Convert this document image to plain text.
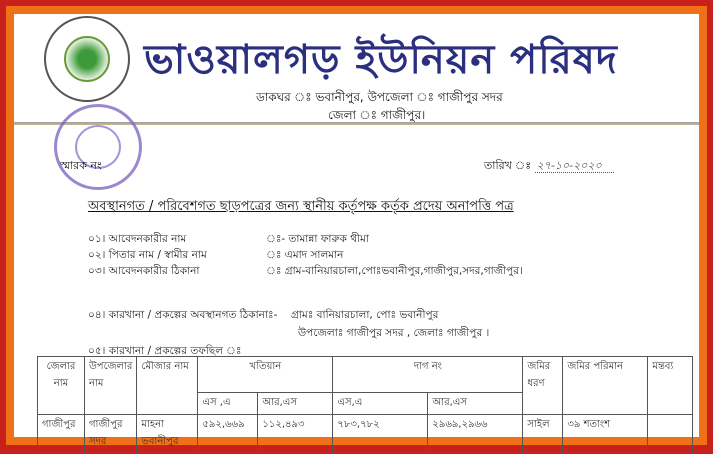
ভাওয়ালগড় ইউনিয়ন পরিষদ
ডাকঘর ঃ ভবানীপুর, উপজেলা ঃ গাজীপুর সদর
জেলা ঃ গাজীপুর।
স্মারক নং	তারিখ ঃ ২৭-১০-২০২০
অবস্থানগত / পরিবেশগত ছাড়পত্রের জন্য স্থানীয় কর্তৃপক্ষ কর্তৃক প্রদেয় অনাপত্তি পত্র
০১। আবেদনকারীর নাম	ঃ- তামান্না ফারুক থীমা
০২। পিতার নাম / স্বামীর নাম	ঃ এমাদ সালমান
০৩। আবেদনকারীর ঠিকানা	ঃ গ্রাম-বানিয়ারচালা,পোঃভবানীপুর,গাজীপুর,সদর,গাজীপুর।
০৪। কারখানা / প্রকল্পের অবস্থানগত ঠিকানাঃ- গ্রামঃ বানিয়ারচালা, পোঃ ভবানীপুর
উপজেলাঃ গাজীপুর সদর , জেলাঃ গাজীপুর ।
০৫। কারখানা / প্রকল্পের তফছিল ঃ
জেলার নাম	উপজেলার নাম	মৌজার নাম	খতিয়ান		দাগ নং		জমির ধরণ	জমির পরিমান	মন্তব্য
			এস ,এ	আর,এস	এস,এ	আর,এস			
গাজীপুর	গাজীপুর সদর	মাহনা ভবানীপুর	৫৯২,৬৬৯	১১২,৪৯৩	৭৮৩,৭৮২	২৯৬৯,২৯৬৬	সাইল	৩৯ শতাংশ	
